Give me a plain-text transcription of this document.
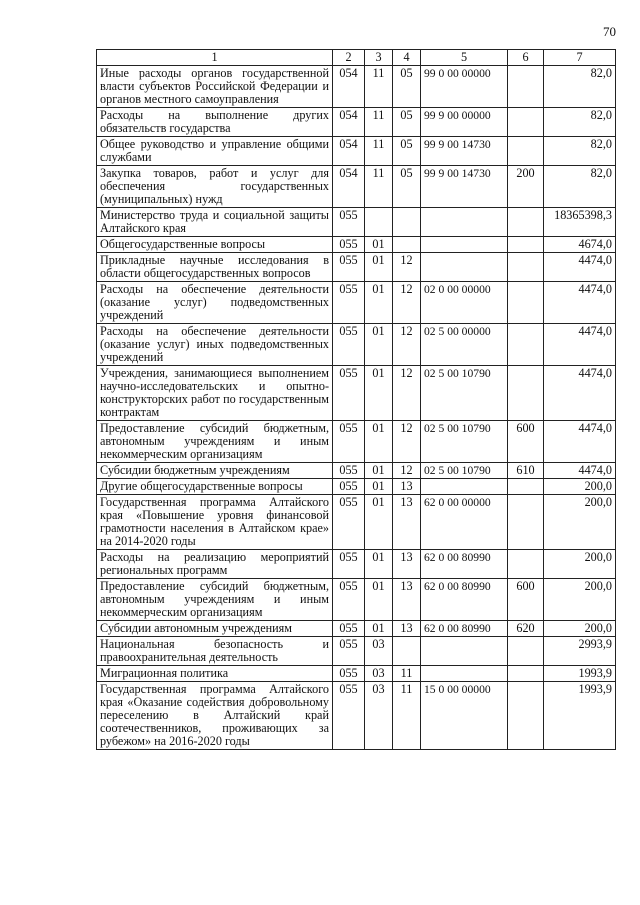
70
1	2	3	4	5	6	7
Иные расходы органов государственной власти субъектов Российской Федерации и органов местного самоуправления	054	11	05	99 0 00 00000		82,0
Расходы на выполнение других обязательств государства	054	11	05	99 9 00 00000		82,0
Общее руководство и управление общими службами	054	11	05	99 9 00 14730		82,0
Закупка товаров, работ и услуг для обеспечения государственных (муниципальных) нужд	054	11	05	99 9 00 14730	200	82,0
Министерство труда и социальной защиты Алтайского края	055					18365398,3
Общегосударственные вопросы	055	01				4674,0
Прикладные научные исследования в области общегосударственных вопросов	055	01	12			4474,0
Расходы на обеспечение деятельности (оказание услуг) подведомственных учреждений	055	01	12	02 0 00 00000		4474,0
Расходы на обеспечение деятельности (оказание услуг) иных подведомственных учреждений	055	01	12	02 5 00 00000		4474,0
Учреждения, занимающиеся выполнением научно-исследовательских и опытно-конструкторских работ по государственным контрактам	055	01	12	02 5 00 10790		4474,0
Предоставление субсидий бюджетным, автономным учреждениям и иным некоммерческим организациям	055	01	12	02 5 00 10790	600	4474,0
Субсидии бюджетным учреждениям	055	01	12	02 5 00 10790	610	4474,0
Другие общегосударственные вопросы	055	01	13			200,0
Государственная программа Алтайского края «Повышение уровня финансовой грамотности населения в Алтайском крае» на 2014-2020 годы	055	01	13	62 0 00 00000		200,0
Расходы на реализацию мероприятий региональных программ	055	01	13	62 0 00 80990		200,0
Предоставление субсидий бюджетным, автономным учреждениям и иным некоммерческим организациям	055	01	13	62 0 00 80990	600	200,0
Субсидии автономным учреждениям	055	01	13	62 0 00 80990	620	200,0
Национальная безопасность и правоохранительная деятельность	055	03				2993,9
Миграционная политика	055	03	11			1993,9
Государственная программа Алтайского края «Оказание содействия добровольному переселению в Алтайский край соотечественников, проживающих за рубежом» на 2016-2020 годы	055	03	11	15 0 00 00000		1993,9
